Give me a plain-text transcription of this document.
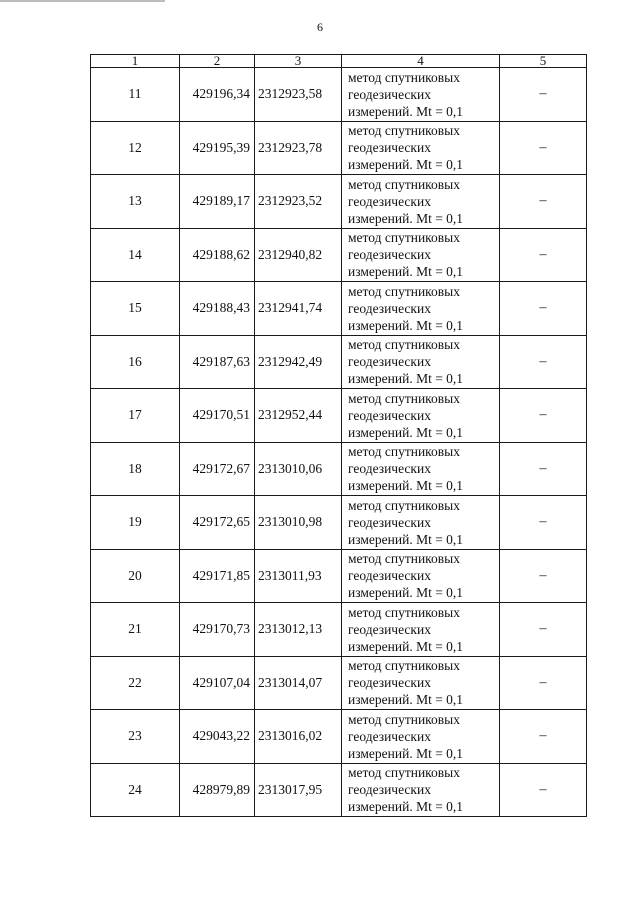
6
1	2	3	4	5
11	429196,34	2312923,58	метод спутниковых
геодезических
измерений. Mt = 0,1	–
12	429195,39	2312923,78	метод спутниковых
геодезических
измерений. Mt = 0,1	–
13	429189,17	2312923,52	метод спутниковых
геодезических
измерений. Mt = 0,1	–
14	429188,62	2312940,82	метод спутниковых
геодезических
измерений. Mt = 0,1	–
15	429188,43	2312941,74	метод спутниковых
геодезических
измерений. Mt = 0,1	–
16	429187,63	2312942,49	метод спутниковых
геодезических
измерений. Mt = 0,1	–
17	429170,51	2312952,44	метод спутниковых
геодезических
измерений. Mt = 0,1	–
18	429172,67	2313010,06	метод спутниковых
геодезических
измерений. Mt = 0,1	–
19	429172,65	2313010,98	метод спутниковых
геодезических
измерений. Mt = 0,1	–
20	429171,85	2313011,93	метод спутниковых
геодезических
измерений. Mt = 0,1	–
21	429170,73	2313012,13	метод спутниковых
геодезических
измерений. Mt = 0,1	–
22	429107,04	2313014,07	метод спутниковых
геодезических
измерений. Mt = 0,1	–
23	429043,22	2313016,02	метод спутниковых
геодезических
измерений. Mt = 0,1	–
24	428979,89	2313017,95	метод спутниковых
геодезических
измерений. Mt = 0,1	–
